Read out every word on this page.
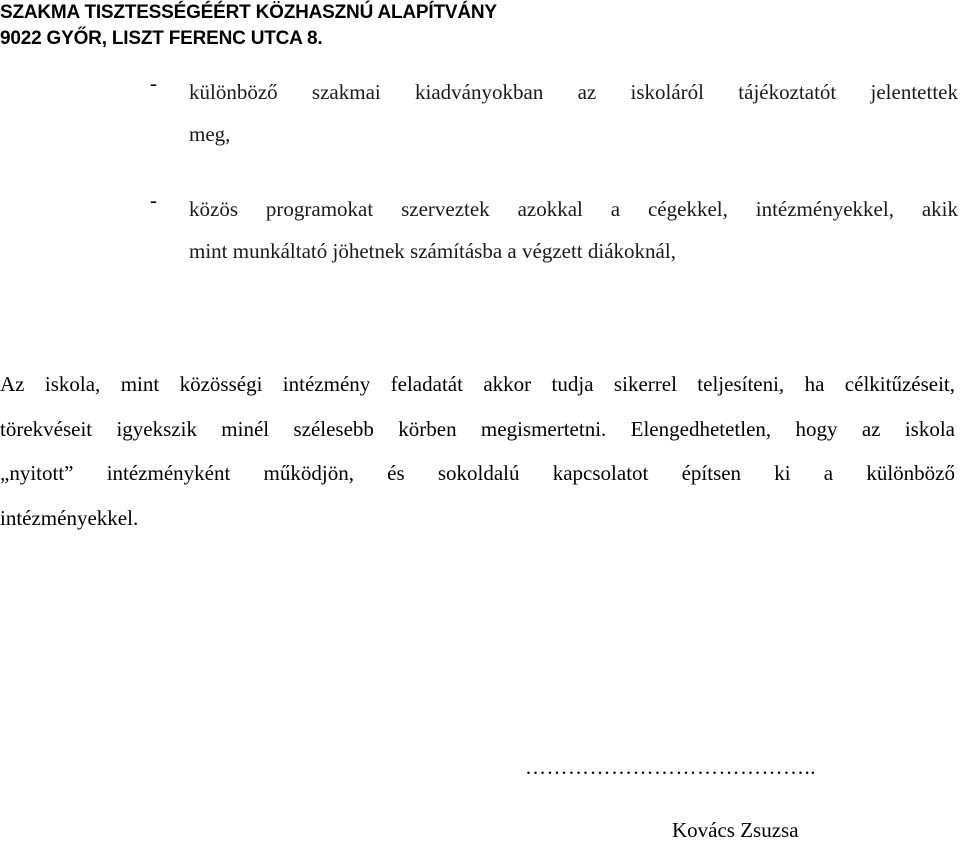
SZAKMA TISZTESSÉGÉÉRT KÖZHASZNÚ ALAPÍTVÁNY
9022 GYŐR, LISZT FERENC UTCA 8.
- különböző szakmai kiadványokban az iskoláról tájékoztatót jelentettek
meg,
- közös programokat szerveztek azokkal a cégekkel, intézményekkel, akik
mint munkáltató jöhetnek számításba a végzett diákoknál,
Az iskola, mint közösségi intézmény feladatát akkor tudja sikerrel teljesíteni, ha célkitűzéseit,
törekvéseit igyekszik minél szélesebb körben megismertetni. Elengedhetetlen, hogy az iskola
„nyitott” intézményként működjön, és sokoldalú kapcsolatot építsen ki a különböző
intézményekkel.
…………………………………..
Kovács Zsuzsa
